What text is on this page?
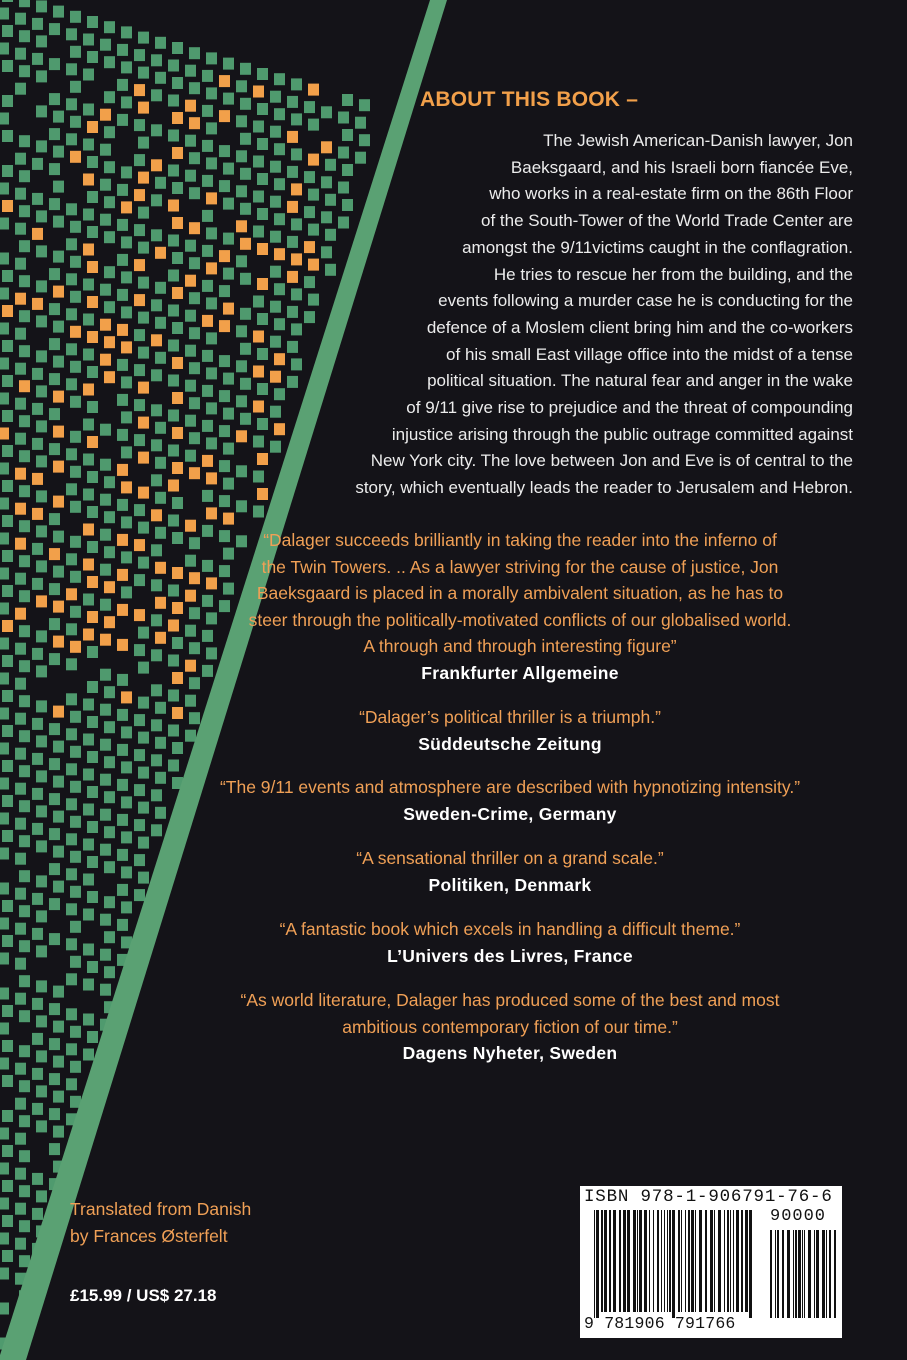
ABOUT THIS BOOK –
The Jewish American-Danish lawyer, Jon
Baeksgaard, and his Israeli born fiancée Eve,
who works in a real-estate firm on the 86th Floor
of the South-Tower of the World Trade Center are
amongst the 9/11victims caught in the conflagration.
He tries to rescue her from the building, and the
events following a murder case he is conducting for the
defence of a Moslem client bring him and the co-workers
of his small East village office into the midst of a tense
political situation. The natural fear and anger in the wake
of 9/11 give rise to prejudice and the threat of compounding
injustice arising through the public outrage committed against
New York city. The love between Jon and Eve is of central to the
story, which eventually leads the reader to Jerusalem and Hebron.
“Dalager succeeds brilliantly in taking the reader into the inferno of
the Twin Towers. .. As a lawyer striving for the cause of justice, Jon
Baeksgaard is placed in a morally ambivalent situation, as he has to
steer through the politically-motivated conflicts of our globalised world.
A through and through interesting figure”
Frankfurter Allgemeine
“Dalager’s political thriller is a triumph.”
Süddeutsche Zeitung
“The 9/11 events and atmosphere are described with hypnotizing intensity.”
Sweden-Crime, Germany
“A sensational thriller on a grand scale.”
Politiken, Denmark
“A fantastic book which excels in handling a difficult theme.”
L’Univers des Livres, France
“As world literature, Dalager has produced some of the best and most
ambitious contemporary fiction of our time.”
Dagens Nyheter, Sweden
Translated from Danish
by Frances Østerfelt
£15.99 / US$ 27.18
ISBN 978-1-906791-76-6
90000
9 781906 791766
